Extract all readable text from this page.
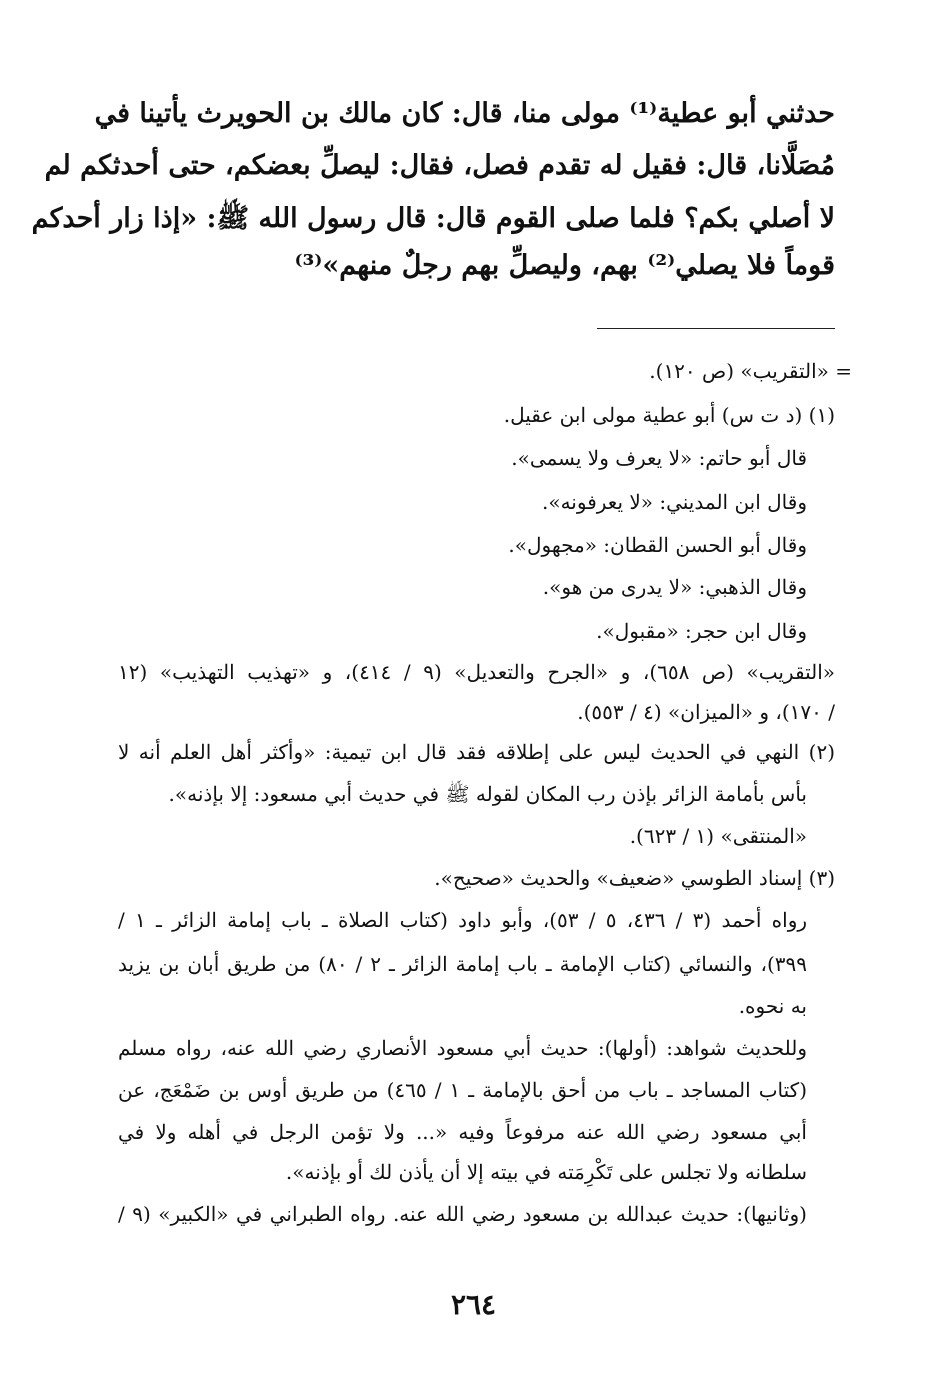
حدثني أبو عطية⁽¹⁾ مولى منا، قال: كان مالك بن الحويرث يأتينا في
مُصَلَّانا، قال: فقيل له تقدم فصل، فقال: ليصلِّ بعضكم، حتى أحدثكم لم
لا أصلي بكم؟ فلما صلى القوم قال: قال رسول الله ﷺ: «إذا زار أحدكم
قوماً فلا يصلي⁽²⁾ بهم، وليصلِّ بهم رجلٌ منهم»⁽³⁾
= «التقريب» (ص ١٢٠).
(١) (د ت س) أبو عطية مولى ابن عقيل.
قال أبو حاتم: «لا يعرف ولا يسمى».
وقال ابن المديني: «لا يعرفونه».
وقال أبو الحسن القطان: «مجهول».
وقال الذهبي: «لا يدرى من هو».
وقال ابن حجر: «مقبول».
«التقريب» (ص ٦٥٨)، و «الجرح والتعديل» (٩ / ٤١٤)، و «تهذيب التهذيب» (١٢
/ ١٧٠)، و «الميزان» (٤ / ٥٥٣).
(٢) النهي في الحديث ليس على إطلاقه فقد قال ابن تيمية: «وأكثر أهل العلم أنه لا
بأس بأمامة الزائر بإذن رب المكان لقوله ﷺ في حديث أبي مسعود: إلا بإذنه».
«المنتقى» (١ / ٦٢٣).
(٣) إسناد الطوسي «ضعيف» والحديث «صحيح».
رواه أحمد (٣ / ٤٣٦، ٥ / ٥٣)، وأبو داود (كتاب الصلاة ـ باب إمامة الزائر ـ ١ /
٣٩٩)، والنسائي (كتاب الإمامة ـ باب إمامة الزائر ـ ٢ / ٨٠) من طريق أبان بن يزيد
به نحوه.
وللحديث شواهد: (أولها): حديث أبي مسعود الأنصاري رضي الله عنه، رواه مسلم
(كتاب المساجد ـ باب من أحق بالإمامة ـ ١ / ٤٦٥) من طريق أوس بن ضَمْعَج، عن
أبي مسعود رضي الله عنه مرفوعاً وفيه «... ولا تؤمن الرجل في أهله ولا في
سلطانه ولا تجلس على تَكْرِمَته في بيته إلا أن يأذن لك أو بإذنه».
(وثانيها): حديث عبدالله بن مسعود رضي الله عنه. رواه الطبراني في «الكبير» (٩ /
٢٦٤
